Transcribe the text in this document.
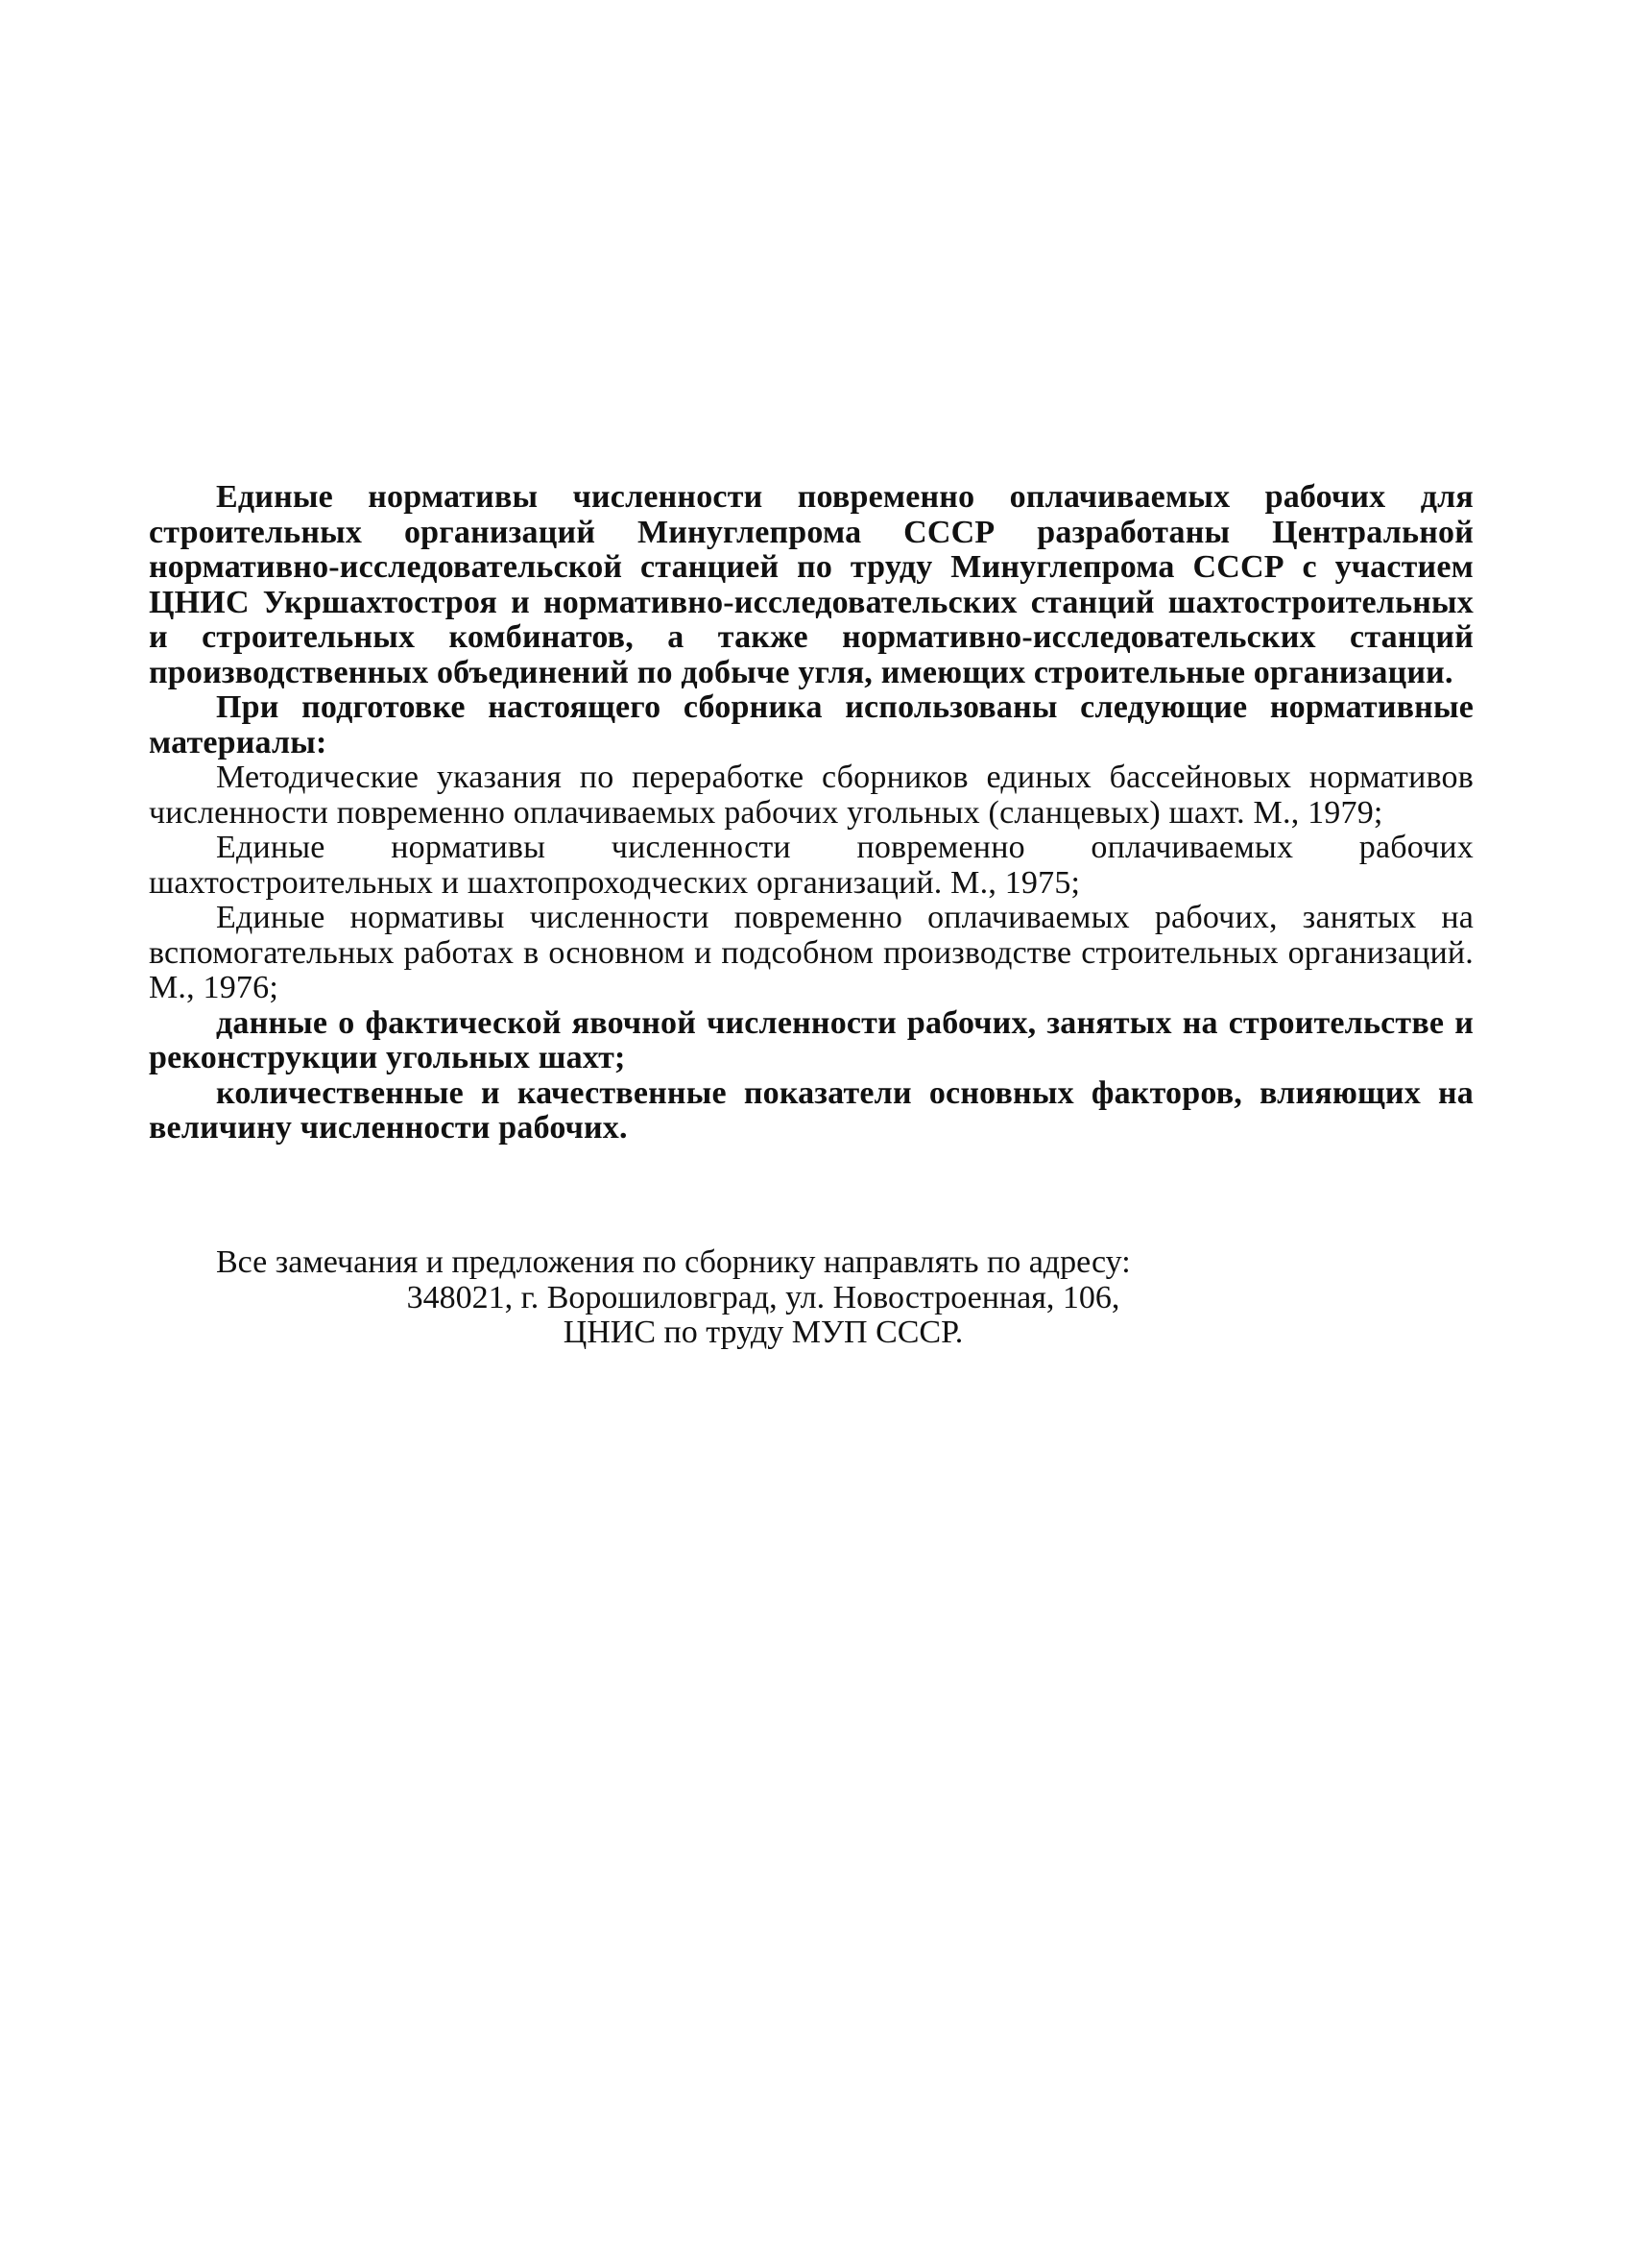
Единые нормативы численности повременно оплачиваемых рабочих для строительных организаций Минуглепрома СССР разработаны Центральной нормативно-исследовательской станцией по труду Минуглепрома СССР с участием ЦНИС Укршахтостроя и нормативно-исследовательских станций шахтостроительных и строительных комбинатов, а также нормативно-исследовательских станций производственных объединений по добыче угля, имеющих строительные организации.

При подготовке настоящего сборника использованы следующие нормативные материалы:

Методические указания по переработке сборников единых бассейновых нормативов численности повременно оплачиваемых рабочих угольных (сланцевых) шахт. М., 1979;

Единые нормативы численности повременно оплачиваемых рабочих шахтостроительных и шахтопроходческих организаций. М., 1975;

Единые нормативы численности повременно оплачиваемых рабочих, занятых на вспомогательных работах в основном и подсобном производстве строительных организаций. М., 1976;

данные о фактической явочной численности рабочих, занятых на строительстве и реконструкции угольных шахт;

количественные и качественные показатели основных факторов, влияющих на величину численности рабочих.

Все замечания и предложения по сборнику направлять по адресу:

348021, г. Ворошиловград, ул. Новостроенная, 106,

ЦНИС по труду МУП СССР.
